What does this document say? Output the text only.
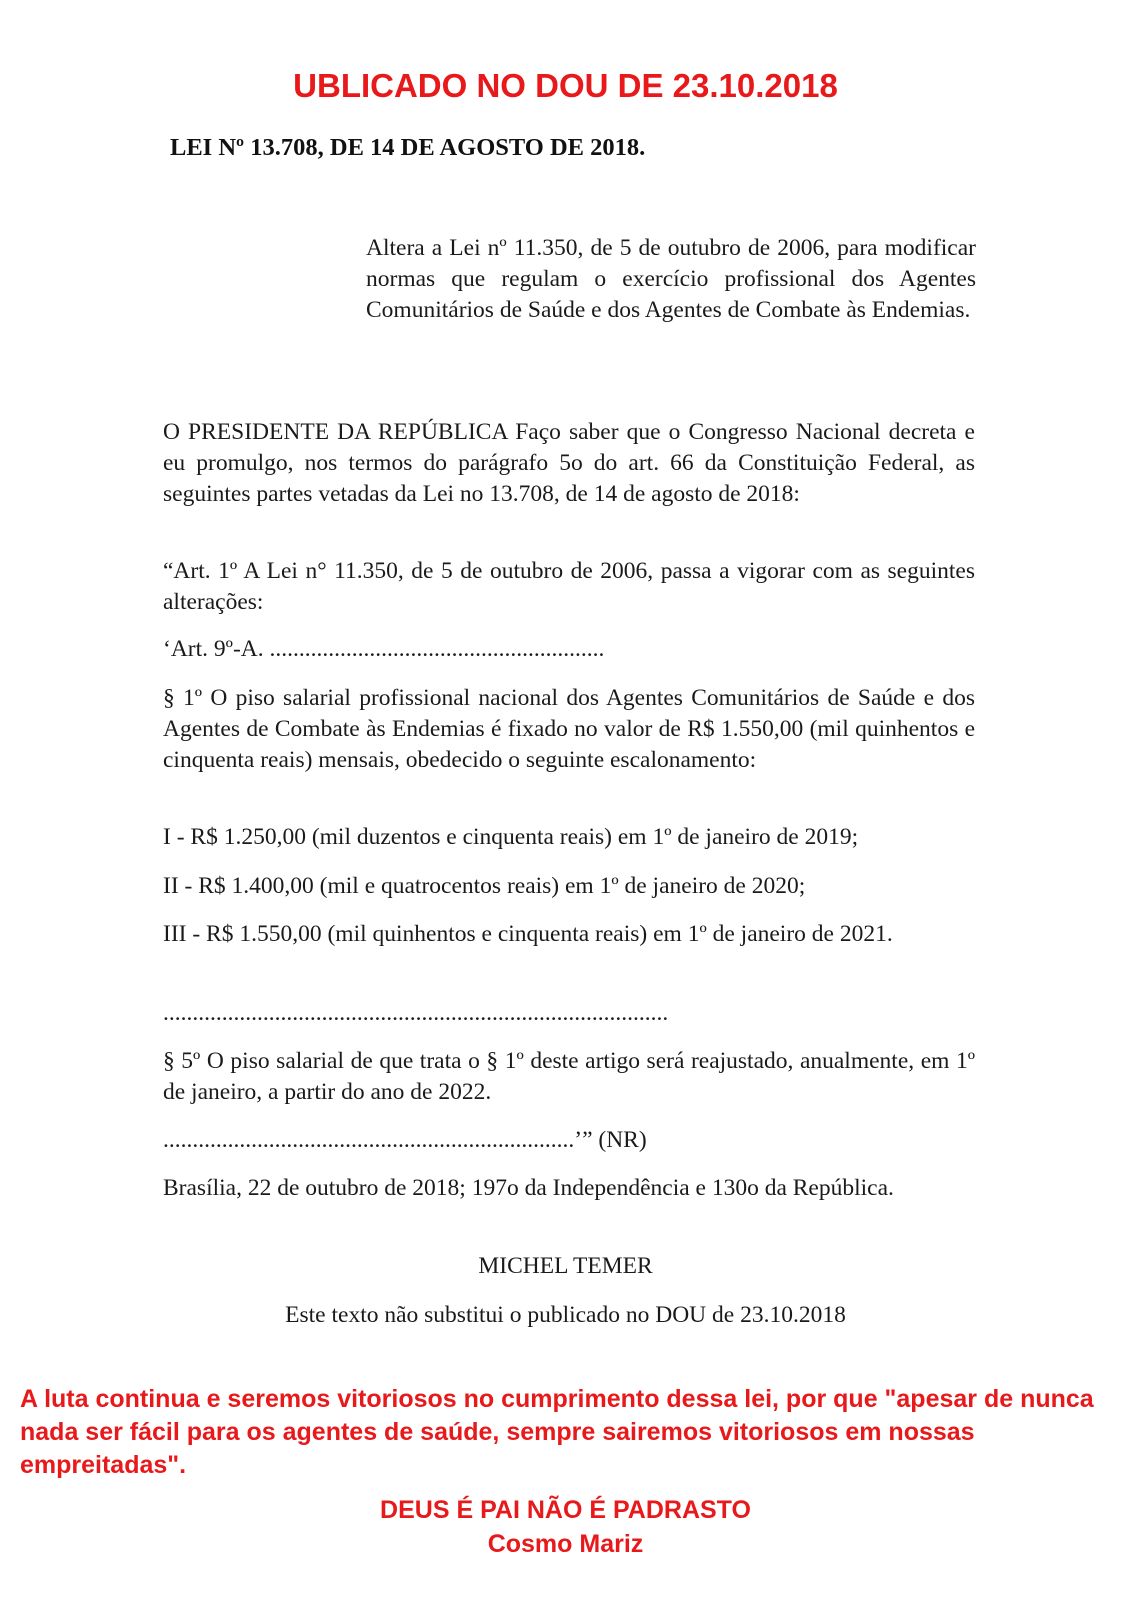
UBLICADO NO DOU DE 23.10.2018
LEI Nº 13.708, DE 14 DE AGOSTO DE 2018.
Altera a Lei nº 11.350, de 5 de outubro de 2006, para modificar normas que regulam o exercício profissional dos Agentes Comunitários de Saúde e dos Agentes de Combate às Endemias.

O PRESIDENTE DA REPÚBLICA Faço saber que o Congresso Nacional decreta e eu promulgo, nos termos do parágrafo 5o do art. 66 da Constituição Federal, as seguintes partes vetadas da Lei no 13.708, de 14 de agosto de 2018:

“Art. 1º A Lei n° 11.350, de 5 de outubro de 2006, passa a vigorar com as seguintes alterações:

‘Art. 9º-A. .........................................................

§ 1º O piso salarial profissional nacional dos Agentes Comunitários de Saúde e dos Agentes de Combate às Endemias é fixado no valor de R$ 1.550,00 (mil quinhentos e cinquenta reais) mensais, obedecido o seguinte escalonamento:

I - R$ 1.250,00 (mil duzentos e cinquenta reais) em 1º de janeiro de 2019;

II - R$ 1.400,00 (mil e quatrocentos reais) em 1º de janeiro de 2020;

III - R$ 1.550,00 (mil quinhentos e cinquenta reais) em 1º de janeiro de 2021.

......................................................................................

§ 5º O piso salarial de que trata o § 1º deste artigo será reajustado, anualmente, em 1º de janeiro, a partir do ano de 2022.

......................................................................’” (NR)

Brasília, 22 de outubro de 2018; 197o da Independência e 130o da República.

MICHEL TEMER
Este texto não substitui o publicado no DOU de 23.10.2018
A luta continua e seremos vitoriosos no cumprimento dessa lei, por que "apesar de nunca nada ser fácil para os agentes de saúde, sempre sairemos vitoriosos em nossas empreitadas".
DEUS É PAI NÃO É PADRASTO
Cosmo Mariz
